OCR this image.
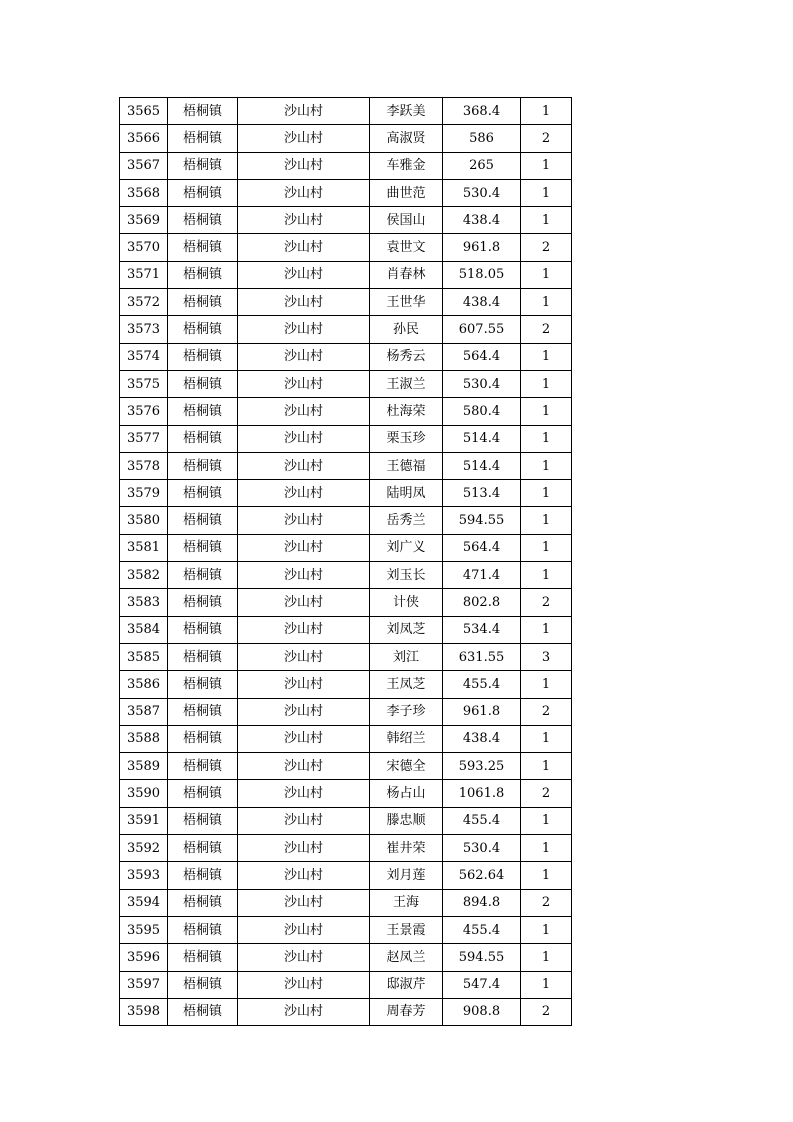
3565	梧桐镇	沙山村	李跃美	368.4	1
3566	梧桐镇	沙山村	高淑贤	586	2
3567	梧桐镇	沙山村	车雅金	265	1
3568	梧桐镇	沙山村	曲世范	530.4	1
3569	梧桐镇	沙山村	侯国山	438.4	1
3570	梧桐镇	沙山村	袁世文	961.8	2
3571	梧桐镇	沙山村	肖春林	518.05	1
3572	梧桐镇	沙山村	王世华	438.4	1
3573	梧桐镇	沙山村	孙民	607.55	2
3574	梧桐镇	沙山村	杨秀云	564.4	1
3575	梧桐镇	沙山村	王淑兰	530.4	1
3576	梧桐镇	沙山村	杜海荣	580.4	1
3577	梧桐镇	沙山村	栗玉珍	514.4	1
3578	梧桐镇	沙山村	王德福	514.4	1
3579	梧桐镇	沙山村	陆明凤	513.4	1
3580	梧桐镇	沙山村	岳秀兰	594.55	1
3581	梧桐镇	沙山村	刘广义	564.4	1
3582	梧桐镇	沙山村	刘玉长	471.4	1
3583	梧桐镇	沙山村	计侠	802.8	2
3584	梧桐镇	沙山村	刘凤芝	534.4	1
3585	梧桐镇	沙山村	刘江	631.55	3
3586	梧桐镇	沙山村	王凤芝	455.4	1
3587	梧桐镇	沙山村	李子珍	961.8	2
3588	梧桐镇	沙山村	韩绍兰	438.4	1
3589	梧桐镇	沙山村	宋德全	593.25	1
3590	梧桐镇	沙山村	杨占山	1061.8	2
3591	梧桐镇	沙山村	滕忠顺	455.4	1
3592	梧桐镇	沙山村	崔井荣	530.4	1
3593	梧桐镇	沙山村	刘月莲	562.64	1
3594	梧桐镇	沙山村	王海	894.8	2
3595	梧桐镇	沙山村	王景霞	455.4	1
3596	梧桐镇	沙山村	赵凤兰	594.55	1
3597	梧桐镇	沙山村	邸淑芹	547.4	1
3598	梧桐镇	沙山村	周春芳	908.8	2
